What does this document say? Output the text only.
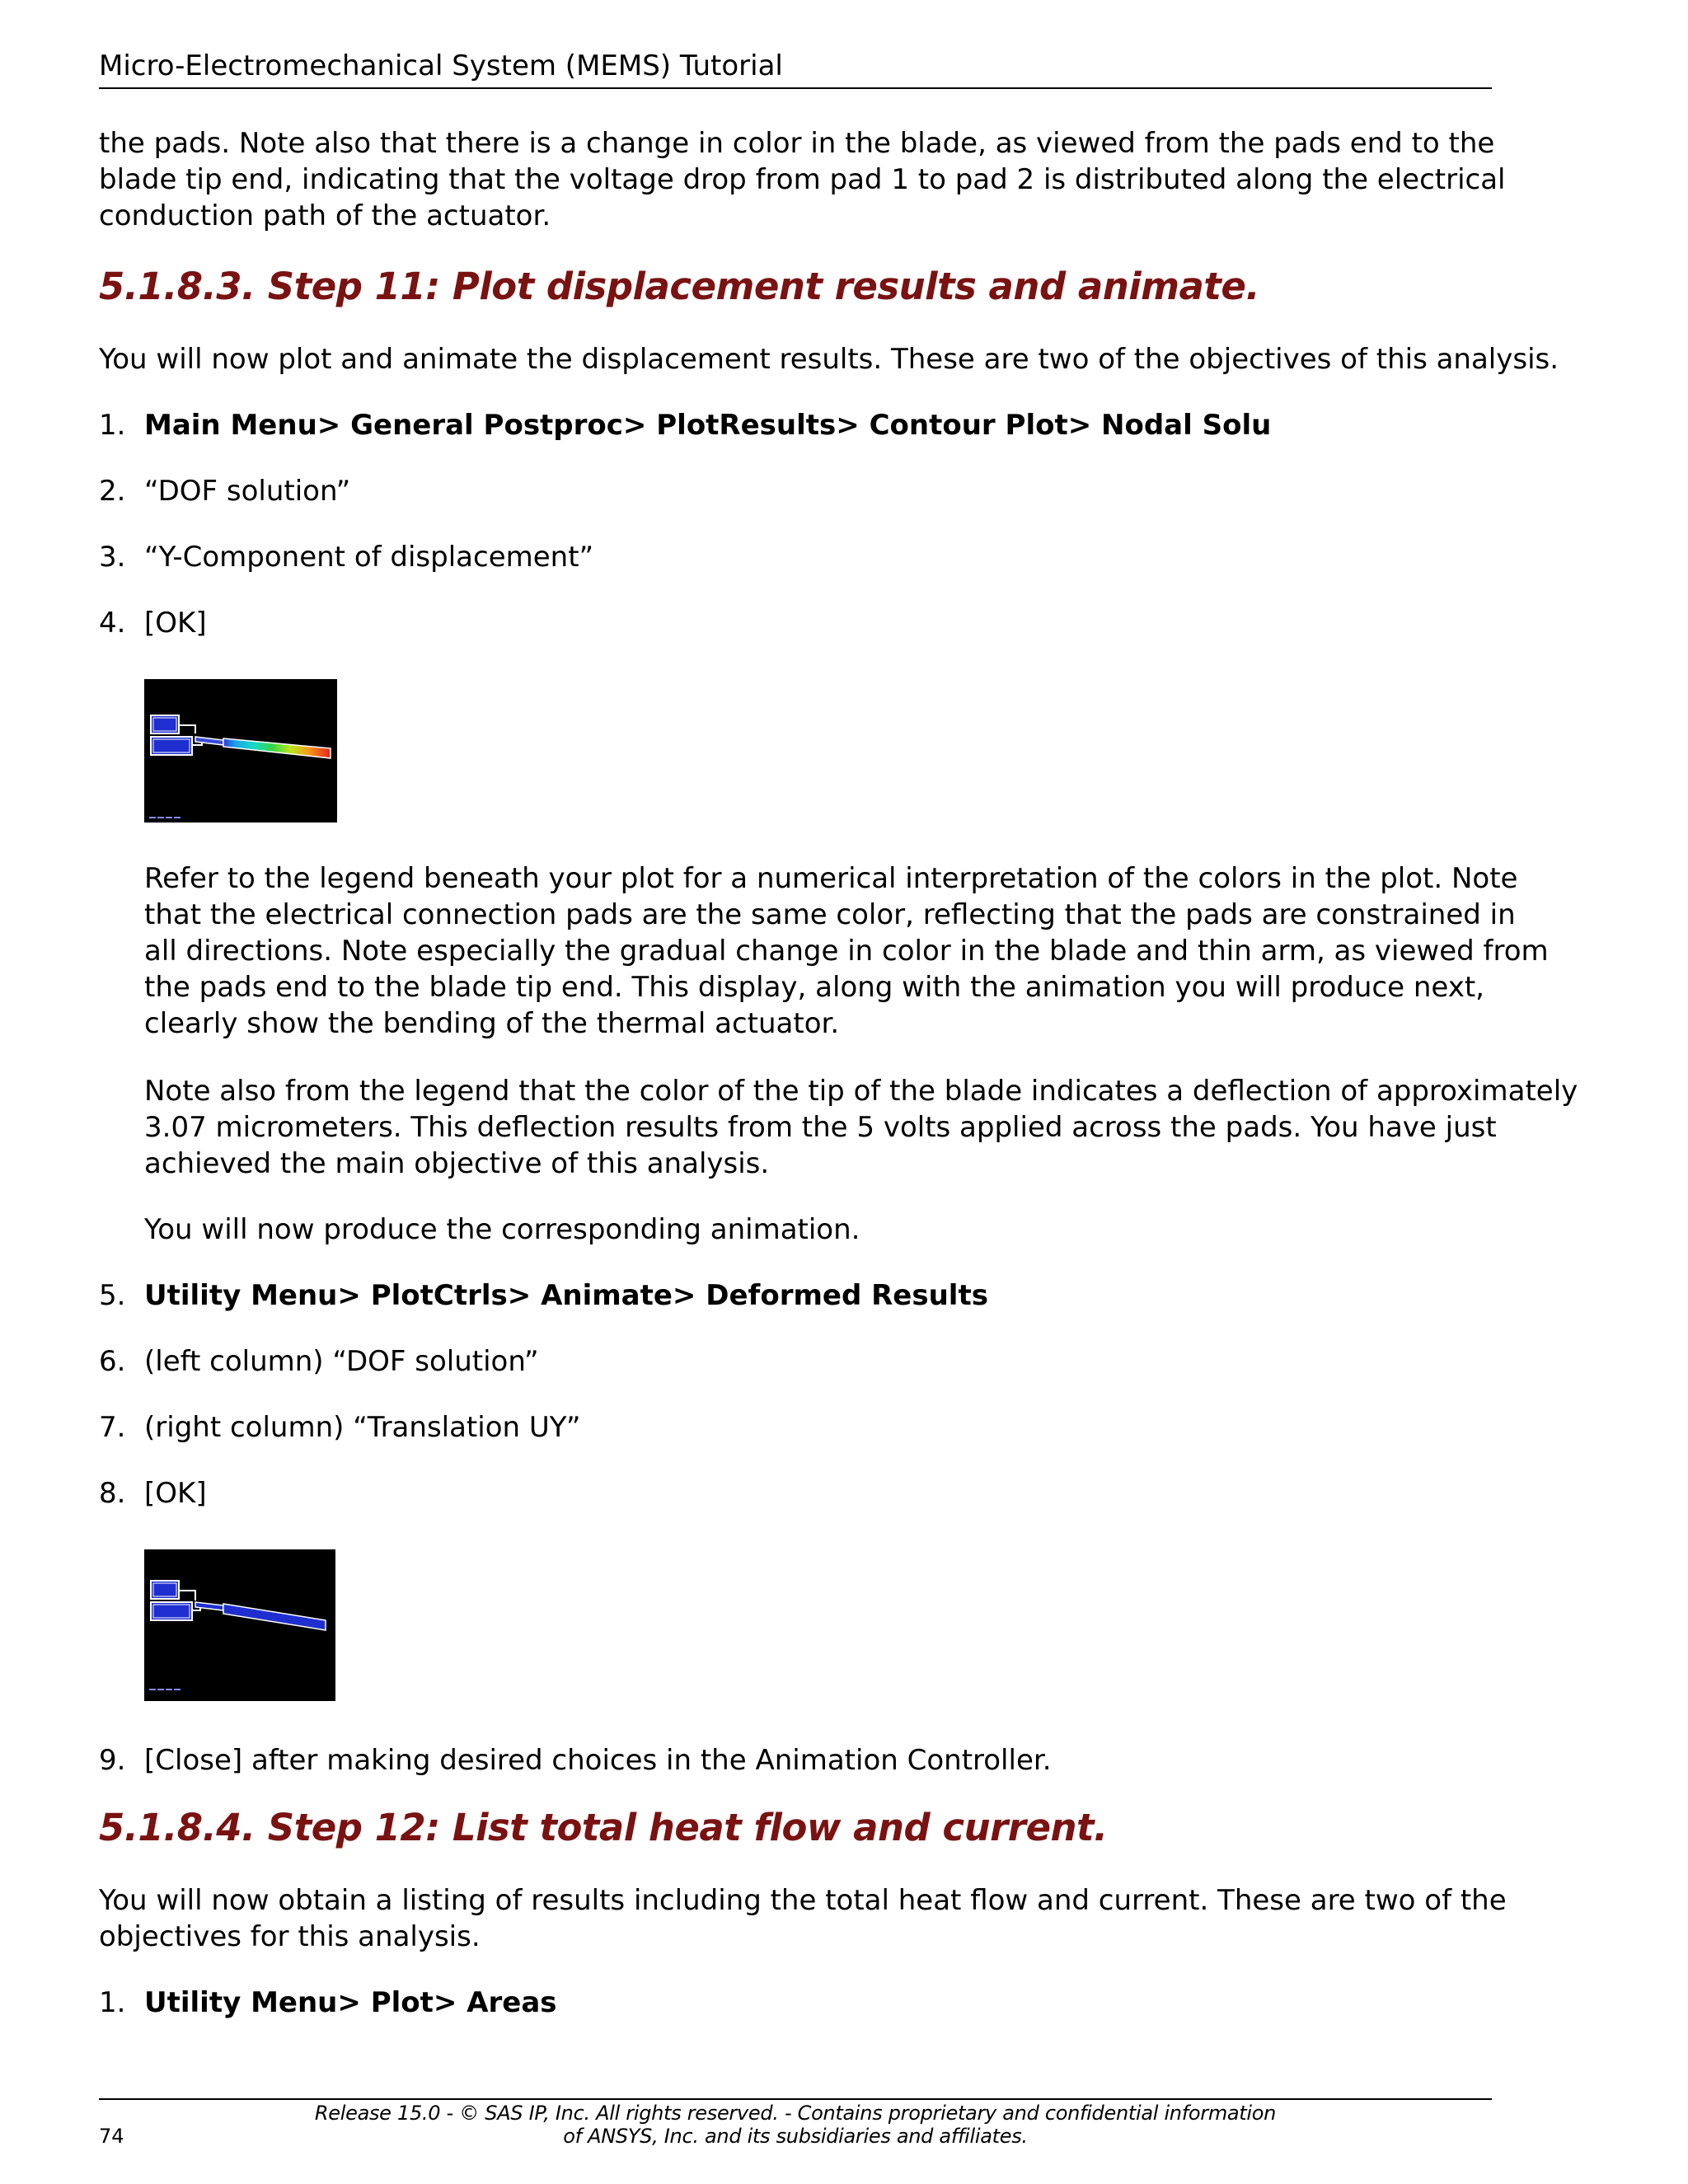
Micro-Electromechanical System (MEMS) Tutorial
the pads. Note also that there is a change in color in the blade, as viewed from the pads end to the
blade tip end, indicating that the voltage drop from pad 1 to pad 2 is distributed along the electrical
conduction path of the actuator.
5.1.8.3. Step 11: Plot displacement results and animate.
You will now plot and animate the displacement results. These are two of the objectives of this analysis.
1. Main Menu> General Postproc> PlotResults> Contour Plot> Nodal Solu
2. “DOF solution”
3. “Y-Component of displacement”
4. [OK]
Refer to the legend beneath your plot for a numerical interpretation of the colors in the plot. Note
that the electrical connection pads are the same color, reflecting that the pads are constrained in
all directions. Note especially the gradual change in color in the blade and thin arm, as viewed from
the pads end to the blade tip end. This display, along with the animation you will produce next,
clearly show the bending of the thermal actuator.
Note also from the legend that the color of the tip of the blade indicates a deflection of approximately
3.07 micrometers. This deflection results from the 5 volts applied across the pads. You have just
achieved the main objective of this analysis.
You will now produce the corresponding animation.
5. Utility Menu> PlotCtrls> Animate> Deformed Results
6. (left column) “DOF solution”
7. (right column) “Translation UY”
8. [OK]
9. [Close] after making desired choices in the Animation Controller.
5.1.8.4. Step 12: List total heat flow and current.
You will now obtain a listing of results including the total heat flow and current. These are two of the
objectives for this analysis.
1. Utility Menu> Plot> Areas
Release 15.0 - © SAS IP, Inc. All rights reserved. - Contains proprietary and confidential information
of ANSYS, Inc. and its subsidiaries and affiliates.
74
